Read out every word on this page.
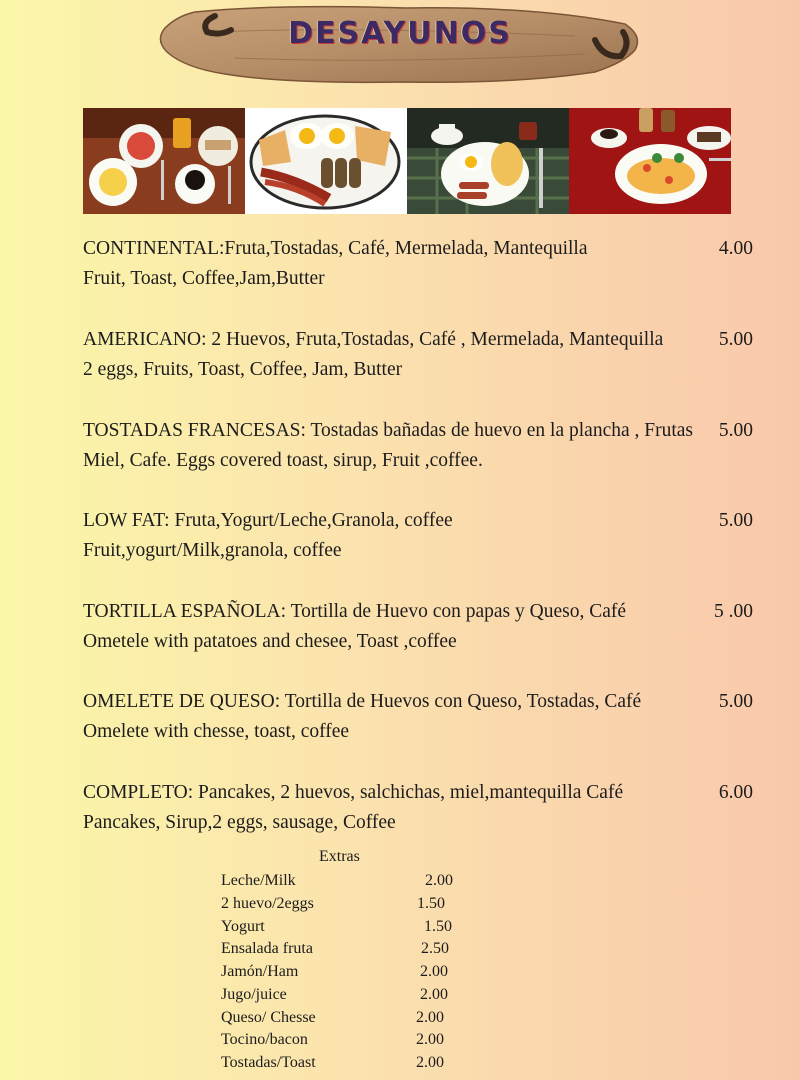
DESAYUNOS
CONTINENTAL:Fruta,Tostadas, Café, Mermelada, Mantequilla
Fruit, Toast, Coffee,Jam,Butter
4.00
AMERICANO: 2 Huevos, Fruta,Tostadas, Café , Mermelada, Mantequilla
2 eggs, Fruits, Toast, Coffee, Jam, Butter
5.00
TOSTADAS FRANCESAS: Tostadas bañadas de huevo en la plancha , Frutas
Miel, Cafe. Eggs covered toast, sirup, Fruit ,coffee.
5.00
LOW FAT: Fruta,Yogurt/Leche,Granola, coffee
Fruit,yogurt/Milk,granola, coffee
5.00
TORTILLA ESPAÑOLA: Tortilla de Huevo con papas y Queso, Café
Ometele with patatoes and chesee, Toast ,coffee
5 .00
OMELETE DE QUESO: Tortilla de Huevos con Queso, Tostadas, Café
Omelete with chesse, toast, coffee
5.00
COMPLETO: Pancakes, 2 huevos, salchichas, miel,mantequilla Café
Pancakes, Sirup,2 eggs, sausage, Coffee
6.00
Extras
Leche/Milk	2.00
2 huevo/2eggs	1.50
Yogurt	1.50
Ensalada fruta	2.50
Jamón/Ham	2.00
Jugo/juice	2.00
Queso/ Chesse	2.00
Tocino/bacon	2.00
Tostadas/Toast	2.00
